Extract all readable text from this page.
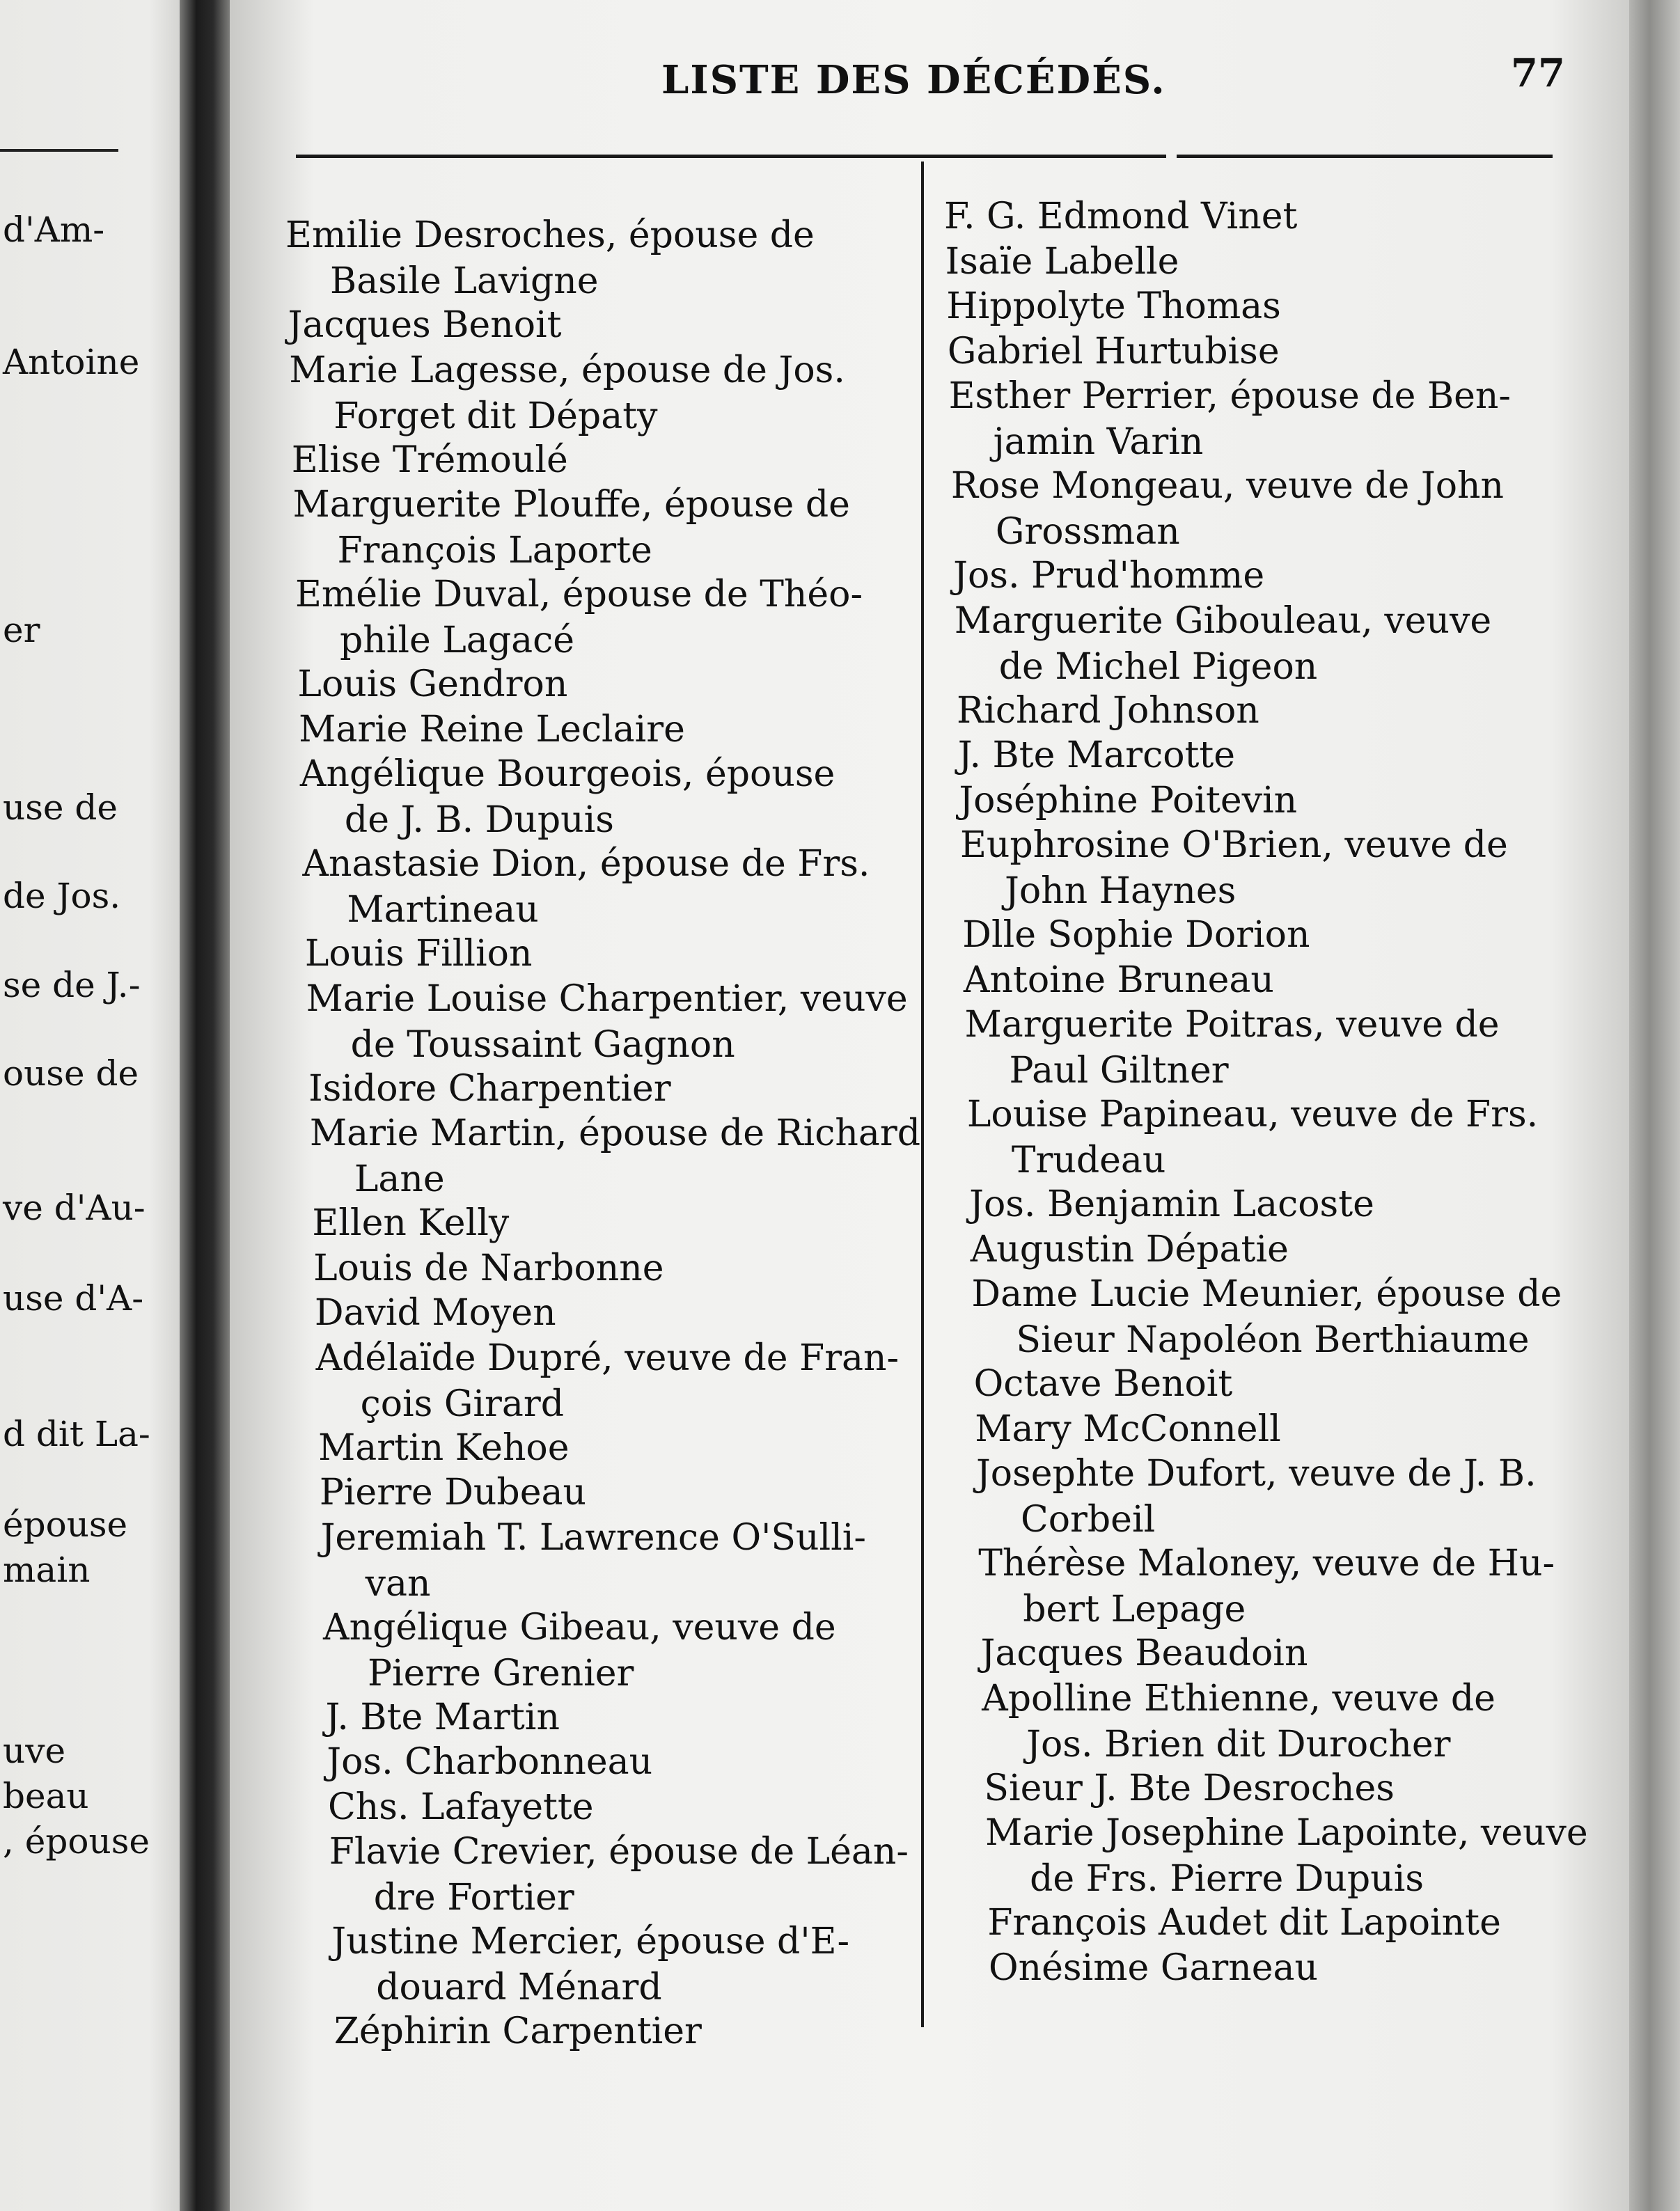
d'Am-
Antoine
er
use de
de Jos.
se de J.-
ouse de
ve d'Au-
use d'A-
d dit La-
épouse
main
uve
beau
, épouse
LISTE DES DÉCÉDÉS.	77
Emilie Desroches, épouse de
Basile Lavigne
Jacques Benoit
Marie Lagesse, épouse de Jos.
Forget dit Dépaty
Elise Trémoulé
Marguerite Plouffe, épouse de
François Laporte
Emélie Duval, épouse de Théo-
phile Lagacé
Louis Gendron
Marie Reine Leclaire
Angélique Bourgeois, épouse
de J. B. Dupuis
Anastasie Dion, épouse de Frs.
Martineau
Louis Fillion
Marie Louise Charpentier, veuve
de Toussaint Gagnon
Isidore Charpentier
Marie Martin, épouse de Richard
Lane
Ellen Kelly
Louis de Narbonne
David Moyen
Adélaïde Dupré, veuve de Fran-
çois Girard
Martin Kehoe
Pierre Dubeau
Jeremiah T. Lawrence O'Sulli-
van
Angélique Gibeau, veuve de
Pierre Grenier
J. Bte Martin
Jos. Charbonneau
Chs. Lafayette
Flavie Crevier, épouse de Léan-
dre Fortier
Justine Mercier, épouse d'E-
douard Ménard
Zéphirin Carpentier
F. G. Edmond Vinet
Isaïe Labelle
Hippolyte Thomas
Gabriel Hurtubise
Esther Perrier, épouse de Ben-
jamin Varin
Rose Mongeau, veuve de John
Grossman
Jos. Prud'homme
Marguerite Gibouleau, veuve
de Michel Pigeon
Richard Johnson
J. Bte Marcotte
Joséphine Poitevin
Euphrosine O'Brien, veuve de
John Haynes
Dlle Sophie Dorion
Antoine Bruneau
Marguerite Poitras, veuve de
Paul Giltner
Louise Papineau, veuve de Frs.
Trudeau
Jos. Benjamin Lacoste
Augustin Dépatie
Dame Lucie Meunier, épouse de
Sieur Napoléon Berthiaume
Octave Benoit
Mary McConnell
Josephte Dufort, veuve de J. B.
Corbeil
Thérèse Maloney, veuve de Hu-
bert Lepage
Jacques Beaudoin
Apolline Ethienne, veuve de
Jos. Brien dit Durocher
Sieur J. Bte Desroches
Marie Josephine Lapointe, veuve
de Frs. Pierre Dupuis
François Audet dit Lapointe
Onésime Garneau
